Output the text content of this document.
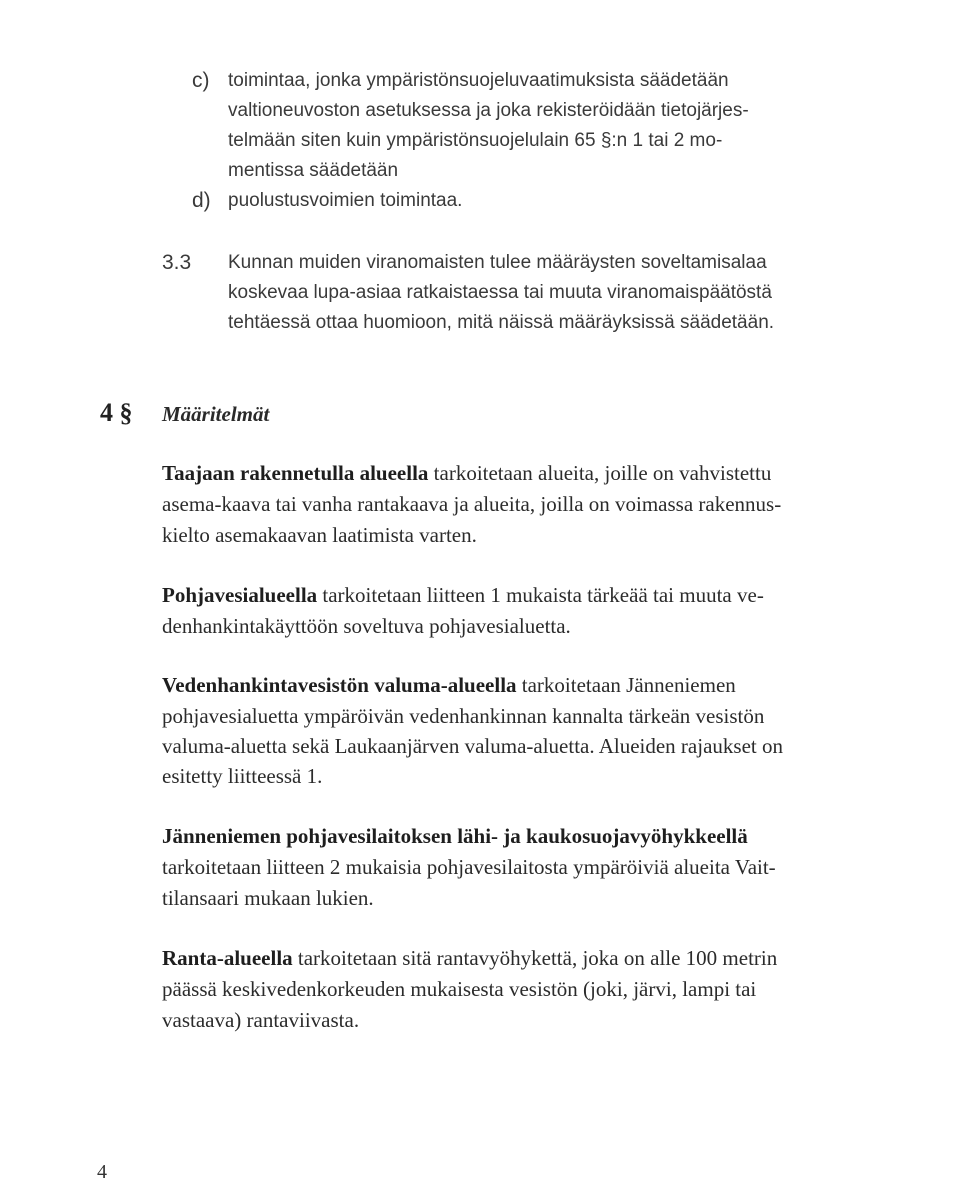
c) toimintaa, jonka ympäristönsuojeluvaatimuksista säädetään
valtioneuvoston asetuksessa ja joka rekisteröidään tietojärjes-
telmään siten kuin ympäristönsuojelulain 65 §:n 1 tai 2 mo-
mentissa säädetään
d) puolustusvoimien toimintaa.
3.3 Kunnan muiden viranomaisten tulee määräysten soveltamisalaa
koskevaa lupa-asiaa ratkaistaessa tai muuta viranomaispäätöstä
tehtäessä ottaa huomioon, mitä näissä määräyksissä säädetään.
4 § Määritelmät
Taajaan rakennetulla alueella tarkoitetaan alueita, joille on vahvistettu
asema-kaava tai vanha rantakaava ja alueita, joilla on voimassa rakennus-
kielto asemakaavan laatimista varten.
Pohjavesialueella tarkoitetaan liitteen 1 mukaista tärkeää tai muuta ve-
denhankintakäyttöön soveltuva pohjavesialuetta.
Vedenhankintavesistön valuma-alueella tarkoitetaan Jänneniemen
pohjavesialuetta ympäröivän vedenhankinnan kannalta tärkeän vesistön
valuma-aluetta sekä Laukaanjärven valuma-aluetta. Alueiden rajaukset on
esitetty liitteessä 1.
Jänneniemen pohjavesilaitoksen lähi- ja kaukosuojavyöhykkeellä
tarkoitetaan liitteen 2 mukaisia pohjavesilaitosta ympäröiviä alueita Vait-
tilansaari mukaan lukien.
Ranta-alueella tarkoitetaan sitä rantavyöhykettä, joka on alle 100 metrin
päässä keskivedenkorkeuden mukaisesta vesistön (joki, järvi, lampi tai
vastaava) rantaviivasta.
4
